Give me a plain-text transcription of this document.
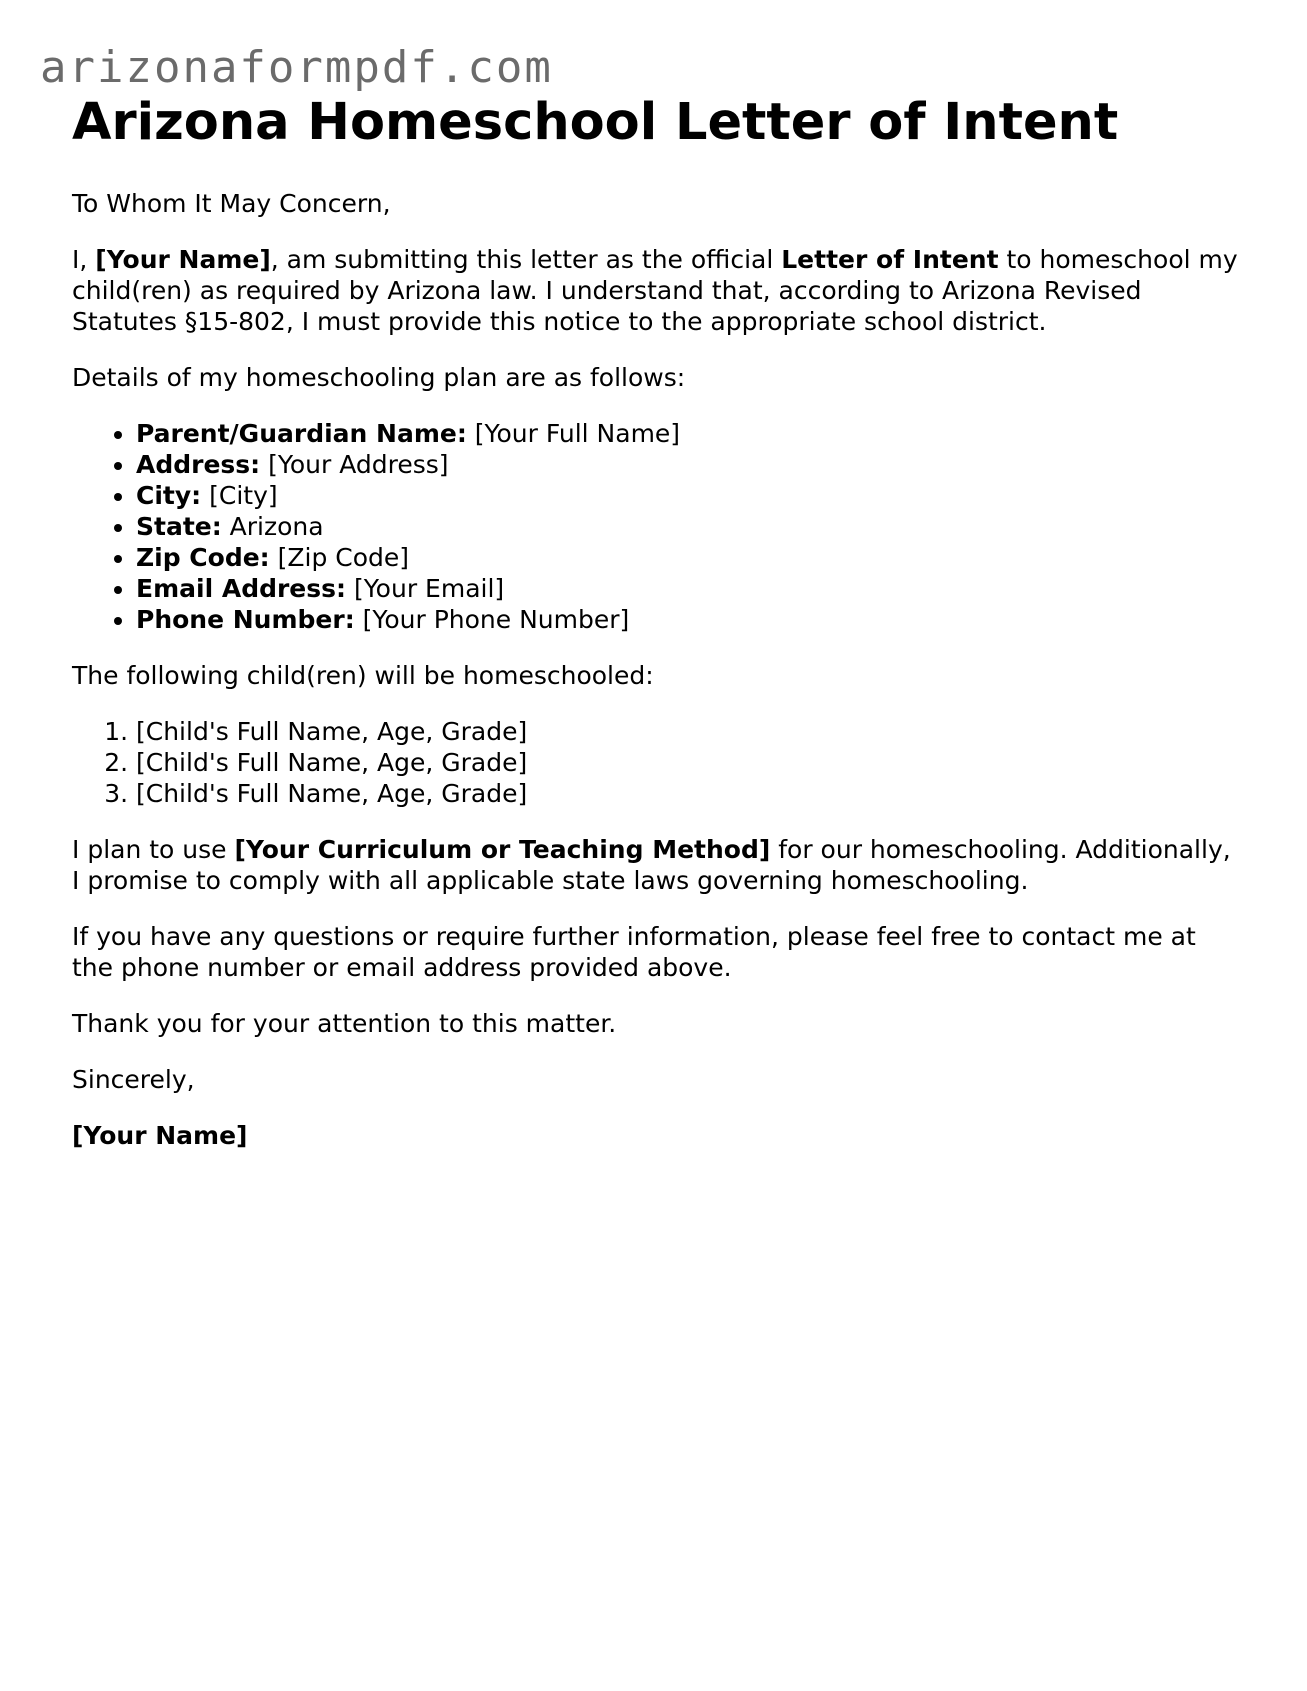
arizonaformpdf.com
Arizona Homeschool Letter of Intent

To Whom It May Concern,

I, [Your Name], am submitting this letter as the official Letter of Intent to homeschool my child(ren) as required by Arizona law. I understand that, according to Arizona Revised Statutes §15-802, I must provide this notice to the appropriate school district.

Details of my homeschooling plan are as follows:

• Parent/Guardian Name: [Your Full Name]
• Address: [Your Address]
• City: [City]
• State: Arizona
• Zip Code: [Zip Code]
• Email Address: [Your Email]
• Phone Number: [Your Phone Number]

The following child(ren) will be homeschooled:

1. [Child's Full Name, Age, Grade]
2. [Child's Full Name, Age, Grade]
3. [Child's Full Name, Age, Grade]

I plan to use [Your Curriculum or Teaching Method] for our homeschooling. Additionally, I promise to comply with all applicable state laws governing homeschooling.

If you have any questions or require further information, please feel free to contact me at the phone number or email address provided above.

Thank you for your attention to this matter.

Sincerely,

[Your Name]
